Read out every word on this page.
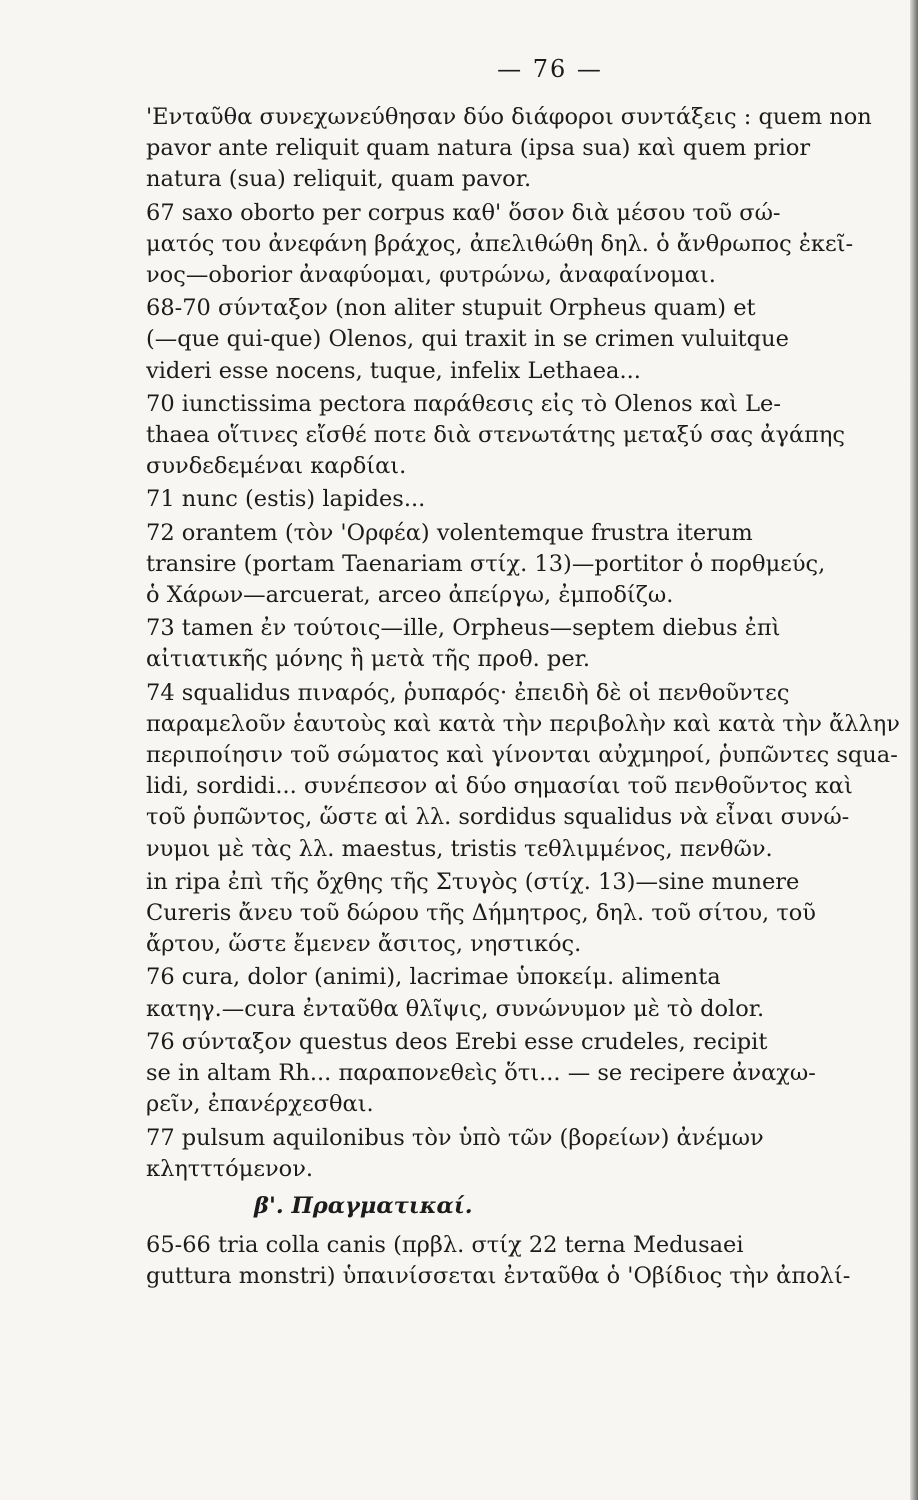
— 76 —
'Ενταῦθα συνεχωνεύθησαν δύο διάφοροι συντάξεις : quem non
pavor ante reliquit quam natura (ipsa sua) καὶ quem prior
natura (sua) reliquit, quam pavor.
67 saxo oborto per corpus καθ' ὅσον διὰ μέσου τοῦ σώ-
ματός του ἀνεφάνη βράχος, ἀπελιθώθη δηλ. ὁ ἄνθρωπος ἐκεῖ-
νος—oborior ἀναφύομαι, φυτρώνω, ἀναφαίνομαι.
68-70 σύνταξον (non aliter stupuit Orpheus quam) et
(—que qui-que) Olenos, qui traxit in se crimen vuluitque
videri esse nocens, tuque, infelix Lethaea...
70 iunctissima pectora παράθεσις εἰς τὸ Olenos καὶ Le-
thaea οἵτινες εἴσθέ ποτε διὰ στενωτάτης μεταξύ σας ἀγάπης
συνδεδεμέναι καρδίαι.
71 nunc (estis) lapides...
72 orantem (τὸν 'Ορφέα) volentemque frustra iterum
transire (portam Taenariam στίχ. 13)—portitor ὁ πορθμεύς,
ὁ Χάρων—arcuerat, arceo ἀπείργω, ἐμποδίζω.
73 tamen ἐν τούτοις—ille, Orpheus—septem diebus ἐπὶ
αἰτιατικῆς μόνης ἢ μετὰ τῆς προθ. per.
74 squalidus πιναρός, ῥυπαρός· ἐπειδὴ δὲ οἱ πενθοῦντες
παραμελοῦν ἑαυτοὺς καὶ κατὰ τὴν περιβολὴν καὶ κατὰ τὴν ἄλλην
περιποίησιν τοῦ σώματος καὶ γίνονται αὐχμηροί, ῥυπῶντες squa-
lidi, sordidi... συνέπεσον αἱ δύο σημασίαι τοῦ πενθοῦντος καὶ
τοῦ ῥυπῶντος, ὥστε αἱ λλ. sordidus squalidus νὰ εἶναι συνώ-
νυμοι μὲ τὰς λλ. maestus, tristis τεθλιμμένος, πενθῶν.
in ripa ἐπὶ τῆς ὄχθης τῆς Στυγὸς (στίχ. 13)—sine munere
Cureris ἄνευ τοῦ δώρου τῆς Δήμητρος, δηλ. τοῦ σίτου, τοῦ
ἄρτου, ὥστε ἔμενεν ἄσιτος, νηστικός.
76 cura, dolor (animi), lacrimae ὑποκείμ. alimenta
κατηγ.—cura ἐνταῦθα θλῖψις, συνώνυμον μὲ τὸ dolor.
76 σύνταξον questus deos Erebi esse crudeles, recipit
se in altam Rh... παραπονεθεὶς ὅτι... — se recipere ἀναχω-
ρεῖν, ἐπανέρχεσθαι.
77 pulsum aquilonibus τὸν ὑπὸ τῶν (βορείων) ἀνέμων
κλητττόμενον.
β'. Πραγματικαί.
65-66 tria colla canis (πρβλ. στίχ 22 terna Medusaei
guttura monstri) ὑπαινίσσεται ἐνταῦθα ὁ 'Οβίδιος τὴν ἀπολί-
